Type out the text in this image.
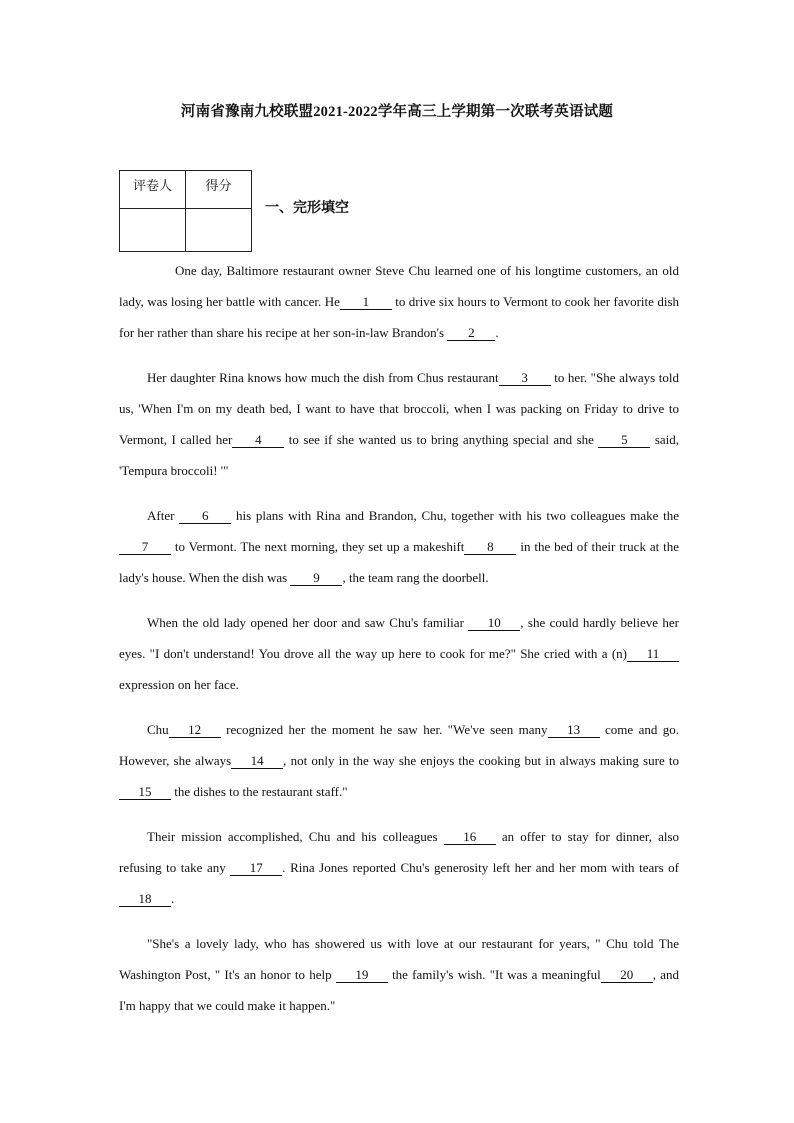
河南省豫南九校联盟2021-2022学年高三上学期第一次联考英语试题
评卷人	得分

一、完形填空

One day, Baltimore restaurant owner Steve Chu learned one of his longtime customers, an old lady, was losing her battle with cancer. He 1 to drive six hours to Vermont to cook her favorite dish for her rather than share his recipe at her son-in-law Brandon's 2 .

Her daughter Rina knows how much the dish from Chus restaurant 3 to her. "She always told us, 'When I'm on my death bed, I want to have that broccoli, when I was packing on Friday to drive to Vermont, I called her 4 to see if she wanted us to bring anything special and she 5 said, 'Tempura broccoli! '"

After 6 his plans with Rina and Brandon, Chu, together with his two colleagues make the7 to Vermont. The next morning, they set up a makeshift 8 in the bed of their truck at the lady's house. When the dish was 9 , the team rang the doorbell.

When the old lady opened her door and saw Chu's familiar 10 , she could hardly believe her eyes. "I don't understand! You drove all the way up here to cook for me?" She cried with a (n) 11 expression on her face.

Chu 12 recognized her the moment he saw her. "We've seen many 13 come and go. However, she always 14 , not only in the way she enjoys the cooking but in always making sure to 15 the dishes to the restaurant staff."

Their mission accomplished, Chu and his colleagues 16 an offer to stay for dinner, also refusing to take any 17 . Rina Jones reported Chu's generosity left her and her mom with tears of18 .

"She's a lovely lady, who has showered us with love at our restaurant for years, " Chu told The Washington Post, " It's an honor to help 19 the family's wish. "It was a meaningful 20 , and I'm happy that we could make it happen."
